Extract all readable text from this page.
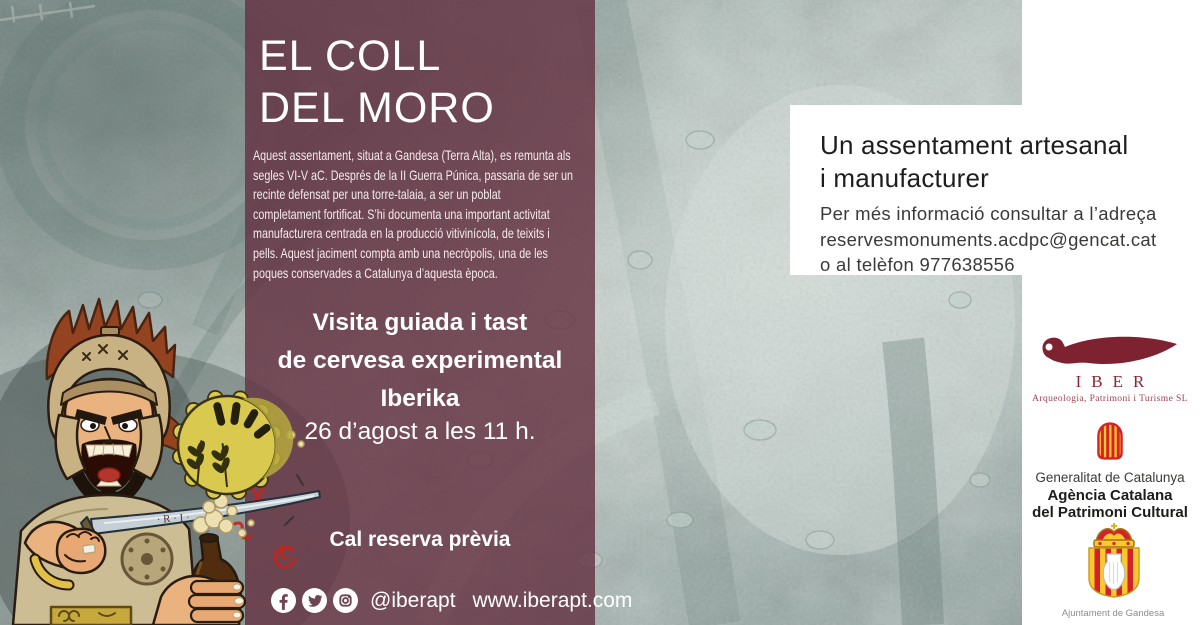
EL COLL
DEL MORO
Aquest assentament, situat a Gandesa (Terra Alta), es remunta als
segles VI-V aC. Després de la II Guerra Púnica, passaria de ser un
recinte defensat per una torre-talaia, a ser un poblat
completament fortificat. S’hi documenta una important activitat
manufacturera centrada en la producció vitivinícola, de teixits i
pells. Aquest jaciment compta amb una necròpolis, una de les
poques conservades a Catalunya d’aquesta època.
Visita guiada i tast
de cervesa experimental
Iberika
26 d’agost a les 11 h.
Cal reserva prèvia
@iberapt www.iberapt.com
· R · I ·
Un assentament artesanal
i manufacturer
Per més informació consultar a l’adreça
reservesmonuments.acdpc@gencat.cat
o al telèfon 977638556
IBER
Arqueologia, Patrimoni i Turisme SL
Generalitat de Catalunya
Agència Catalana
del Patrimoni Cultural
Ajuntament de Gandesa
